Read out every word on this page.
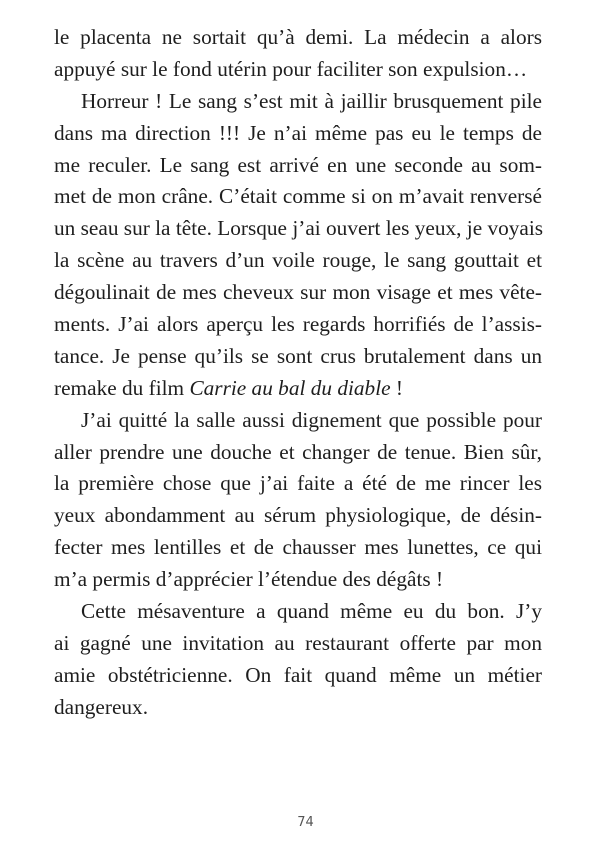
le placenta ne sortait qu’à demi. La médecin a alors
appuyé sur le fond utérin pour faciliter son expulsion…
Horreur ! Le sang s’est mit à jaillir brusquement pile
dans ma direction !!! Je n’ai même pas eu le temps de
me reculer. Le sang est arrivé en une seconde au som-
met de mon crâne. C’était comme si on m’avait renversé
un seau sur la tête. Lorsque j’ai ouvert les yeux, je voyais
la scène au travers d’un voile rouge, le sang gouttait et
dégoulinait de mes cheveux sur mon visage et mes vête-
ments. J’ai alors aperçu les regards horrifiés de l’assis-
tance. Je pense qu’ils se sont crus brutalement dans un
remake du film Carrie au bal du diable !
J’ai quitté la salle aussi dignement que possible pour
aller prendre une douche et changer de tenue. Bien sûr,
la première chose que j’ai faite a été de me rincer les
yeux abondamment au sérum physiologique, de désin-
fecter mes lentilles et de chausser mes lunettes, ce qui
m’a permis d’apprécier l’étendue des dégâts !
Cette mésaventure a quand même eu du bon. J’y
ai gagné une invitation au restaurant offerte par mon
amie obstétricienne. On fait quand même un métier
dangereux.
74
